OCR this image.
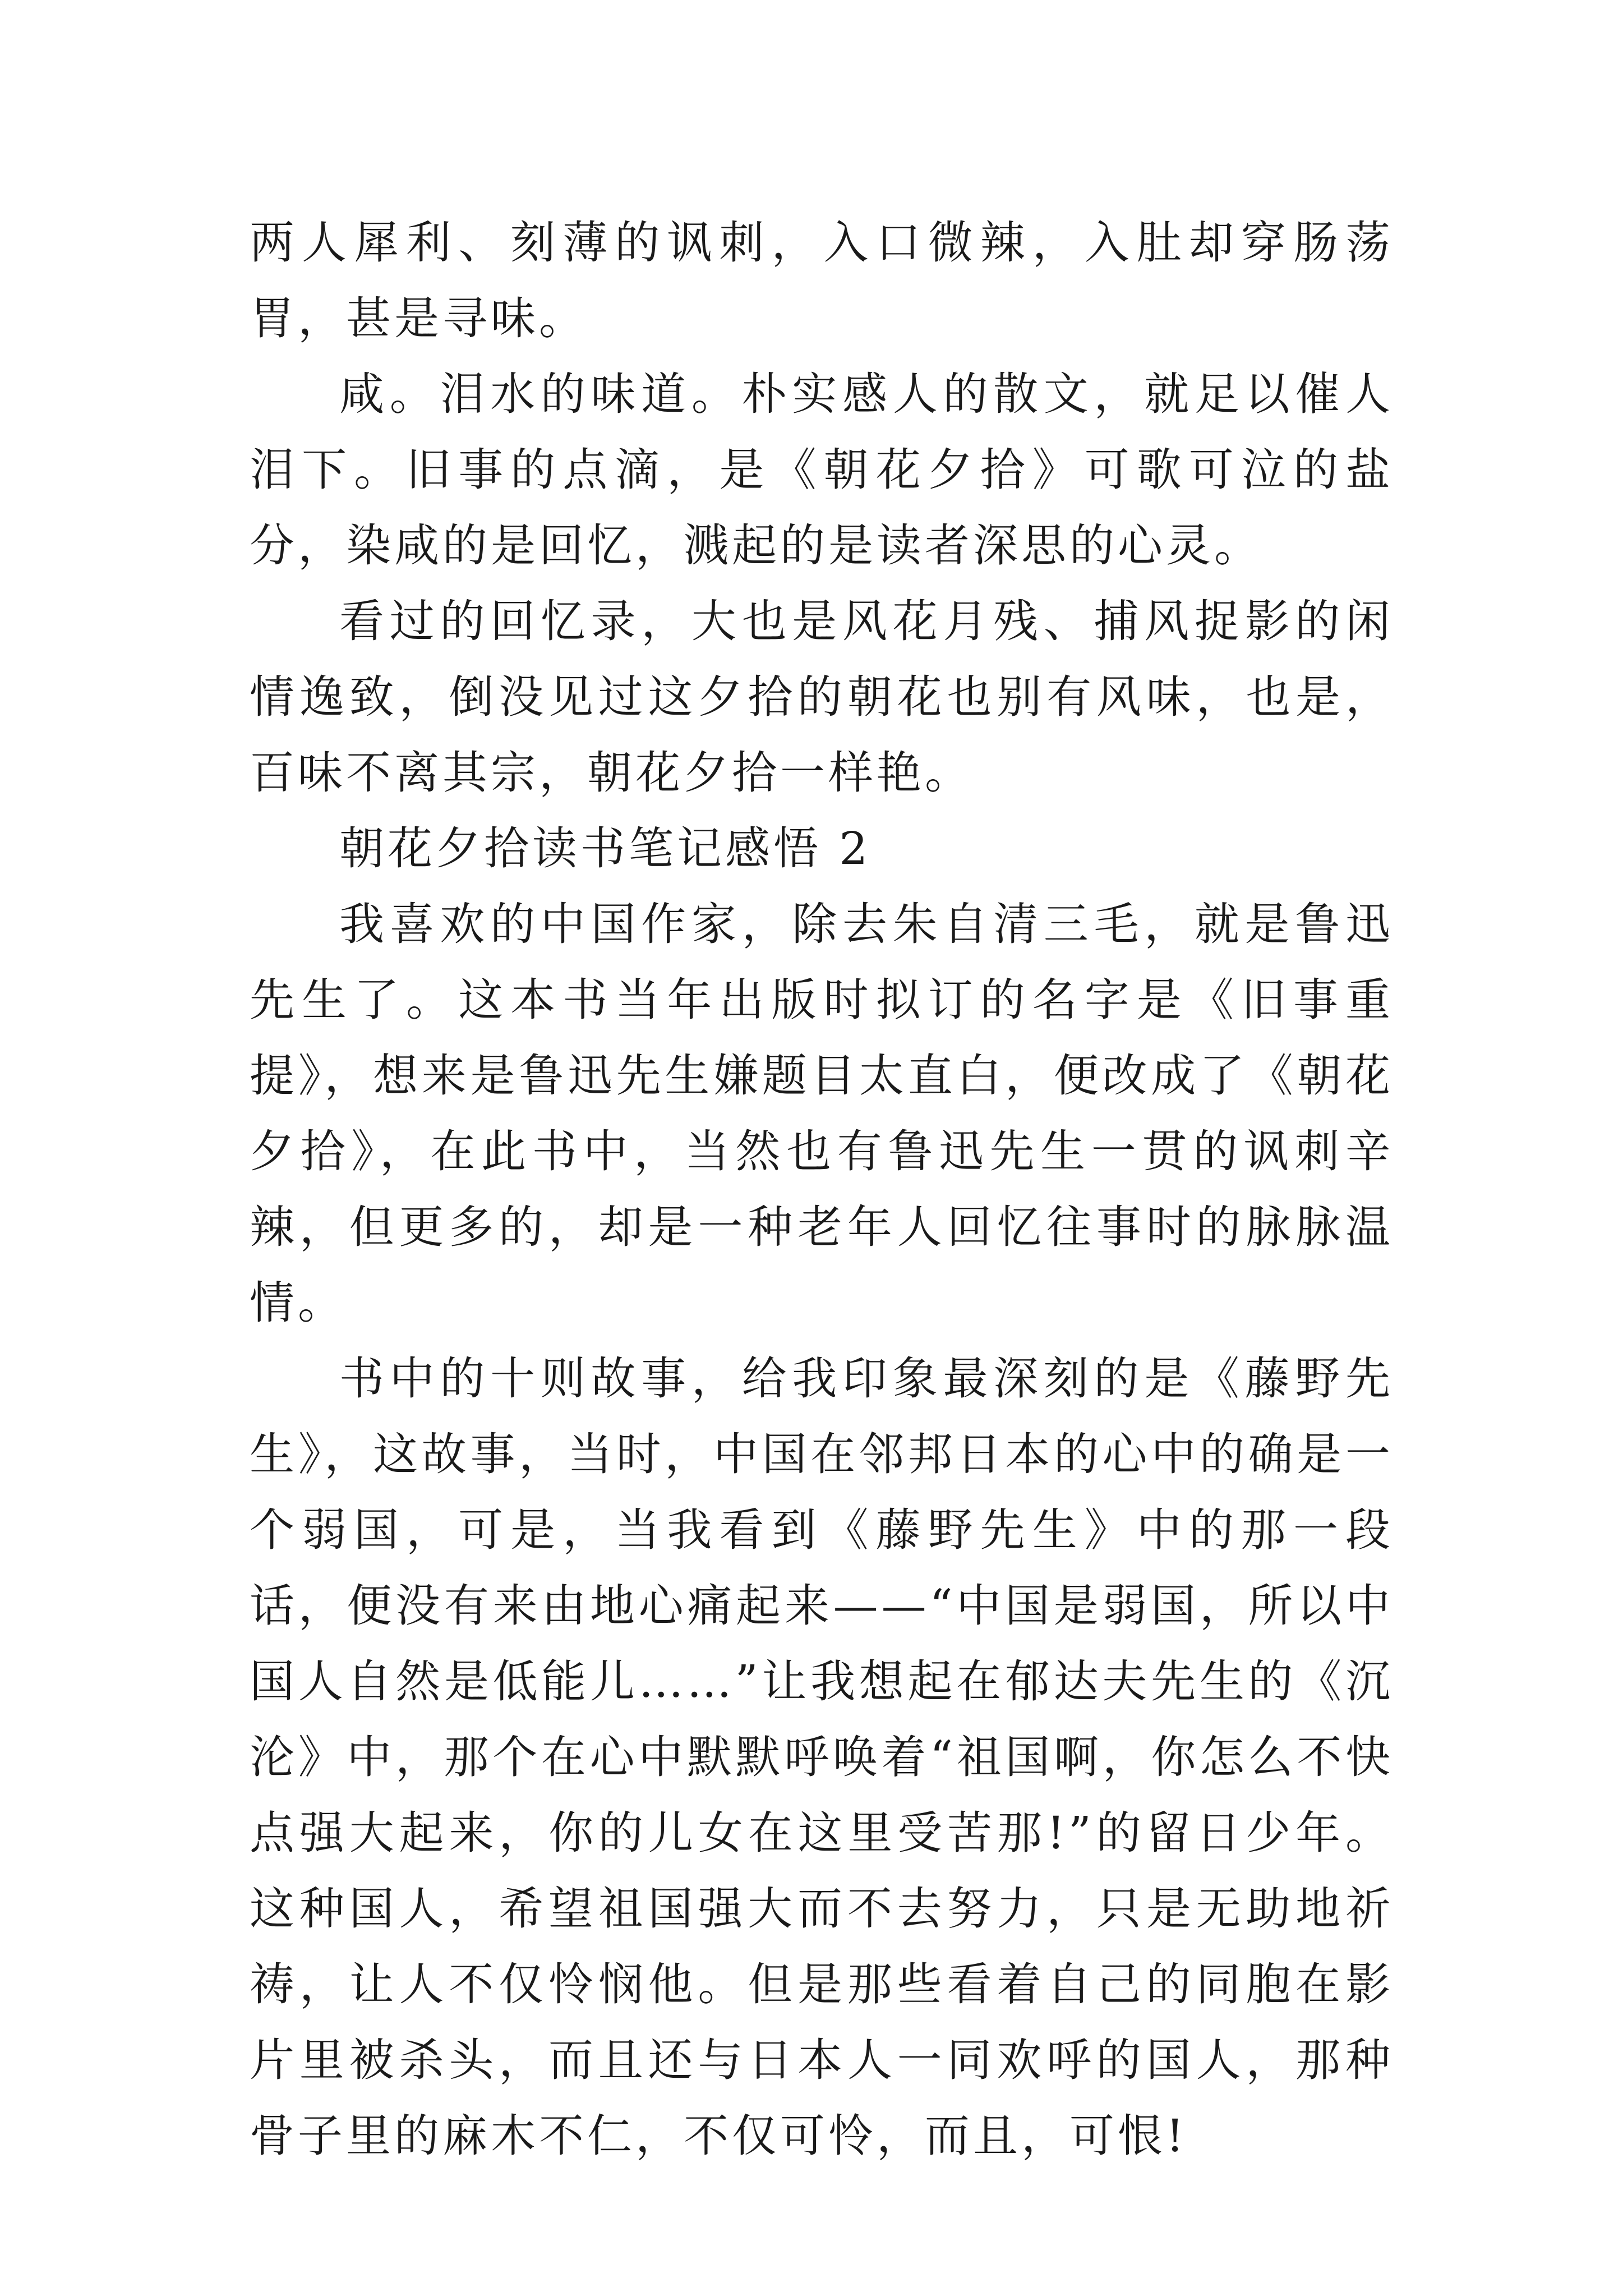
两人犀利、刻薄的讽刺，入口微辣，入肚却穿肠荡胃，甚是寻味。

咸。泪水的味道。朴实感人的散文，就足以催人泪下。旧事的点滴，是《朝花夕拾》可歌可泣的盐分，染咸的是回忆，溅起的是读者深思的心灵。

看过的回忆录，大也是风花月残、捕风捉影的闲情逸致，倒没见过这夕拾的朝花也别有风味，也是，百味不离其宗，朝花夕拾一样艳。

朝花夕拾读书笔记感悟 2

我喜欢的中国作家，除去朱自清三毛，就是鲁迅先生了。这本书当年出版时拟订的名字是《旧事重提》，想来是鲁迅先生嫌题目太直白，便改成了《朝花夕拾》，在此书中，当然也有鲁迅先生一贯的讽刺辛辣，但更多的，却是一种老年人回忆往事时的脉脉温情。

书中的十则故事，给我印象最深刻的是《藤野先生》，这故事，当时，中国在邻邦日本的心中的确是一个弱国，可是，当我看到《藤野先生》中的那一段话，便没有来由地心痛起来——“中国是弱国，所以中国人自然是低能儿……”让我想起在郁达夫先生的《沉沦》中，那个在心中默默呼唤着“祖国啊，你怎么不快点强大起来，你的儿女在这里受苦那!”的留日少年。这种国人，希望祖国强大而不去努力，只是无助地祈祷，让人不仅怜悯他。但是那些看着自己的同胞在影片里被杀头，而且还与日本人一同欢呼的国人，那种骨子里的麻木不仁，不仅可怜，而且，可恨!
